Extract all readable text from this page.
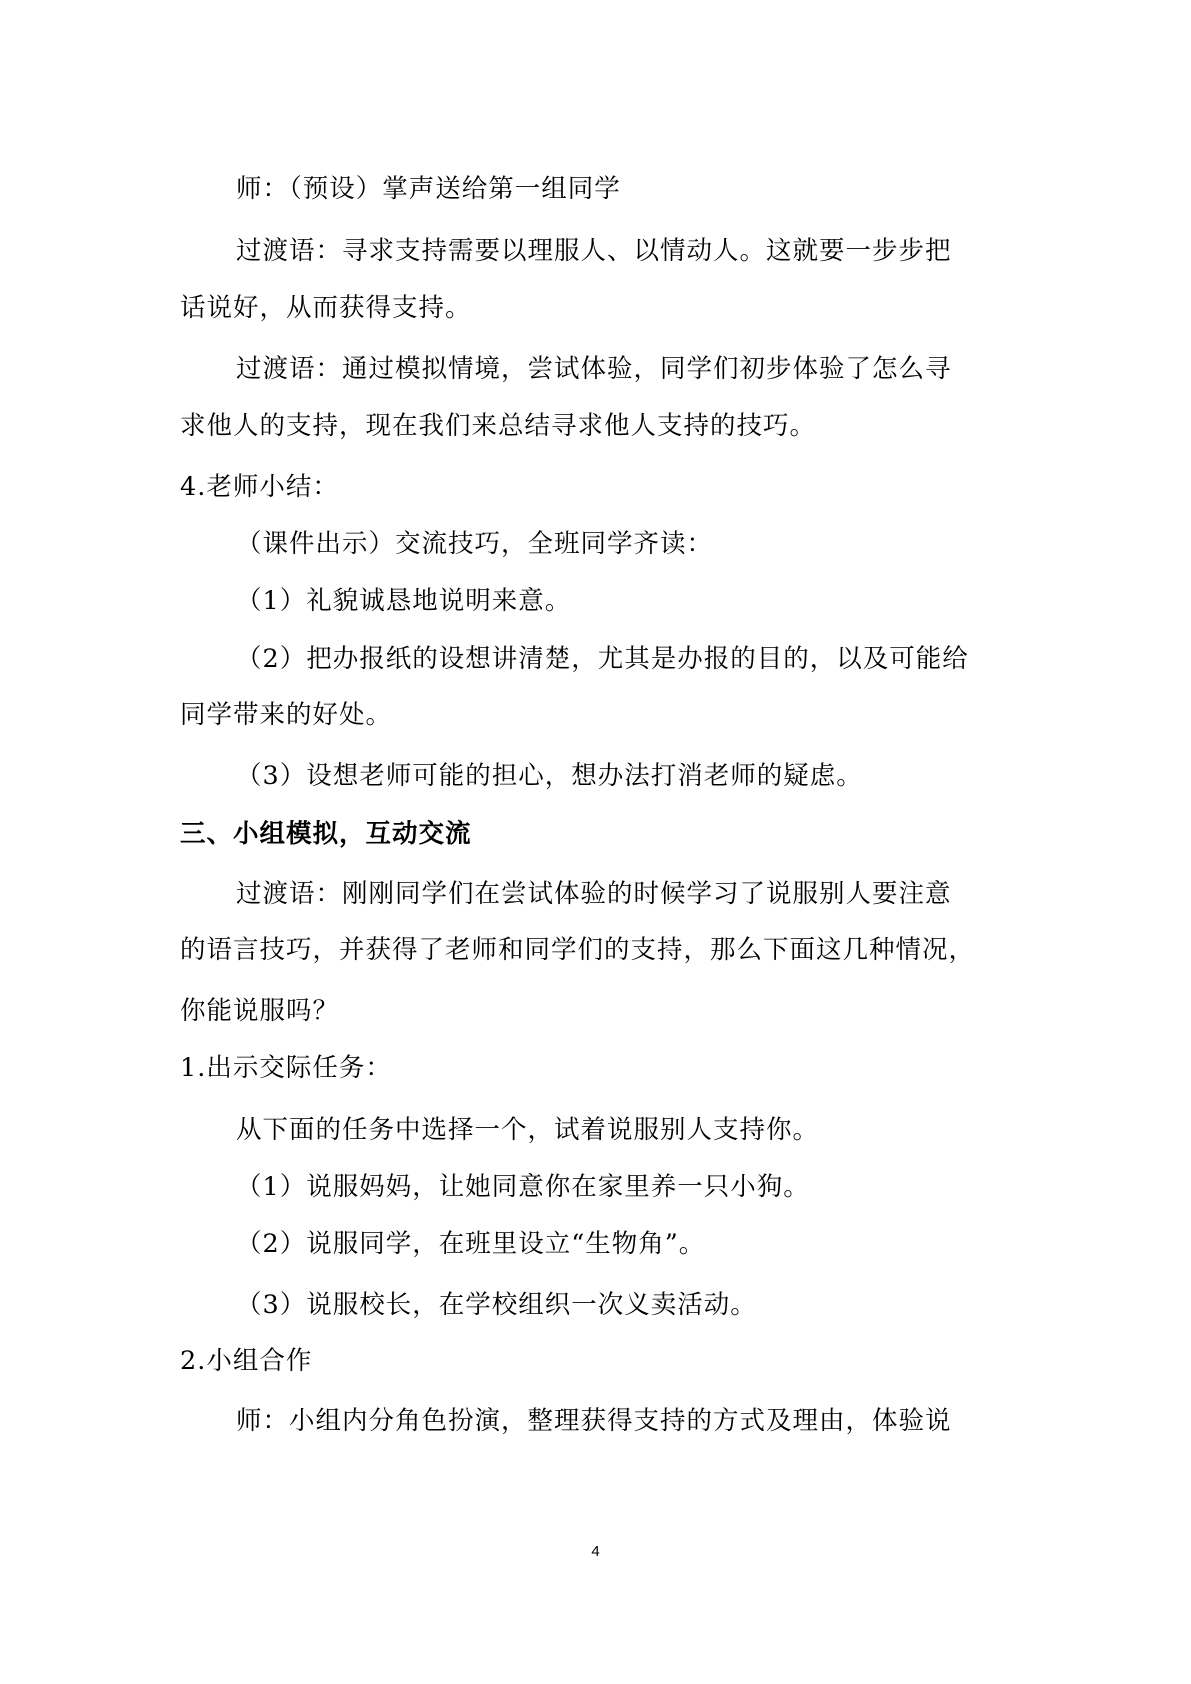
师：（预设）掌声送给第一组同学
过渡语：寻求支持需要以理服人、以情动人。这就要一步步把
话说好，从而获得支持。
过渡语：通过模拟情境，尝试体验，同学们初步体验了怎么寻
求他人的支持，现在我们来总结寻求他人支持的技巧。
4.老师小结：
（课件出示）交流技巧，全班同学齐读：
（1）礼貌诚恳地说明来意。
（2）把办报纸的设想讲清楚，尤其是办报的目的，以及可能给
同学带来的好处。
（3）设想老师可能的担心，想办法打消老师的疑虑。
三、小组模拟，互动交流
过渡语：刚刚同学们在尝试体验的时候学习了说服别人要注意
的语言技巧，并获得了老师和同学们的支持，那么下面这几种情况，
你能说服吗？
1.出示交际任务：
从下面的任务中选择一个，试着说服别人支持你。
（1）说服妈妈，让她同意你在家里养一只小狗。
（2）说服同学，在班里设立“生物角”。
（3）说服校长，在学校组织一次义卖活动。
2.小组合作
师：小组内分角色扮演，整理获得支持的方式及理由，体验说
4
